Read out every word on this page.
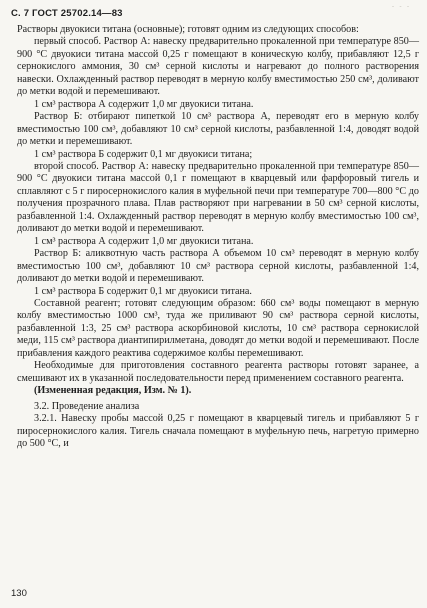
С. 7 ГОСТ 25702.14—83
- - -

Растворы двуокиси титана (основные); готовят одним из следующих способов:

первый способ. Раствор А: навеску предварительно прокаленной при температуре 850—900 °С двуокиси титана массой 0,25 г помещают в коническую колбу, прибавляют 12,5 г сернокислого аммония, 30 см³ серной кислоты и нагревают до полного растворения навески. Охлажденный раствор переводят в мерную колбу вместимостью 250 см³, доливают до метки водой и перемешивают.

1 см³ раствора А содержит 1,0 мг двуокиси титана.

Раствор Б: отбирают пипеткой 10 см³ раствора А, переводят его в мерную колбу вместимостью 100 см³, добавляют 10 см³ серной кислоты, разбавленной 1:4, доводят водой до метки и перемешивают.

1 см³ раствора Б содержит 0,1 мг двуокиси титана;

второй способ. Раствор А: навеску предварительно прокаленной при температуре 850—900 °С двуокиси титана массой 0,1 г помещают в кварцевый или фарфоровый тигель и сплавляют с 5 г пиросернокислого калия в муфельной печи при температуре 700—800 °С до получения прозрачного плава. Плав растворяют при нагревании в 50 см³ серной кислоты, разбавленной 1:4. Охлажденный раствор переводят в мерную колбу вместимостью 100 см³, доливают до метки водой и перемешивают.

1 см³ раствора А содержит 1,0 мг двуокиси титана.

Раствор Б: аликвотную часть раствора А объемом 10 см³ переводят в мерную колбу вместимостью 100 см³, добавляют 10 см³ раствора серной кислоты, разбавленной 1:4, доливают до метки водой и перемешивают.

1 см³ раствора Б содержит 0,1 мг двуокиси титана.

Составной реагент; готовят следующим образом: 660 см³ воды помещают в мерную колбу вместимостью 1000 см³, туда же приливают 90 см³ раствора серной кислоты, разбавленной 1:3, 25 см³ раствора аскорбиновой кислоты, 10 см³ раствора сернокислой меди, 115 см³ раствора диантипирилметана, доводят до метки водой и перемешивают. После прибавления каждого реактива содержимое колбы перемешивают.

Необходимые для приготовления составного реагента растворы готовят заранее, а смешивают их в указанной последовательности перед применением составного реагента.

(Измененная редакция, Изм. № 1).

3.2. Проведение анализа

3.2.1. Навеску пробы массой 0,25 г помещают в кварцевый тигель и прибавляют 5 г пиросернокислого калия. Тигель сначала помещают в муфельную печь, нагретую примерно до 500 °С, и

130
